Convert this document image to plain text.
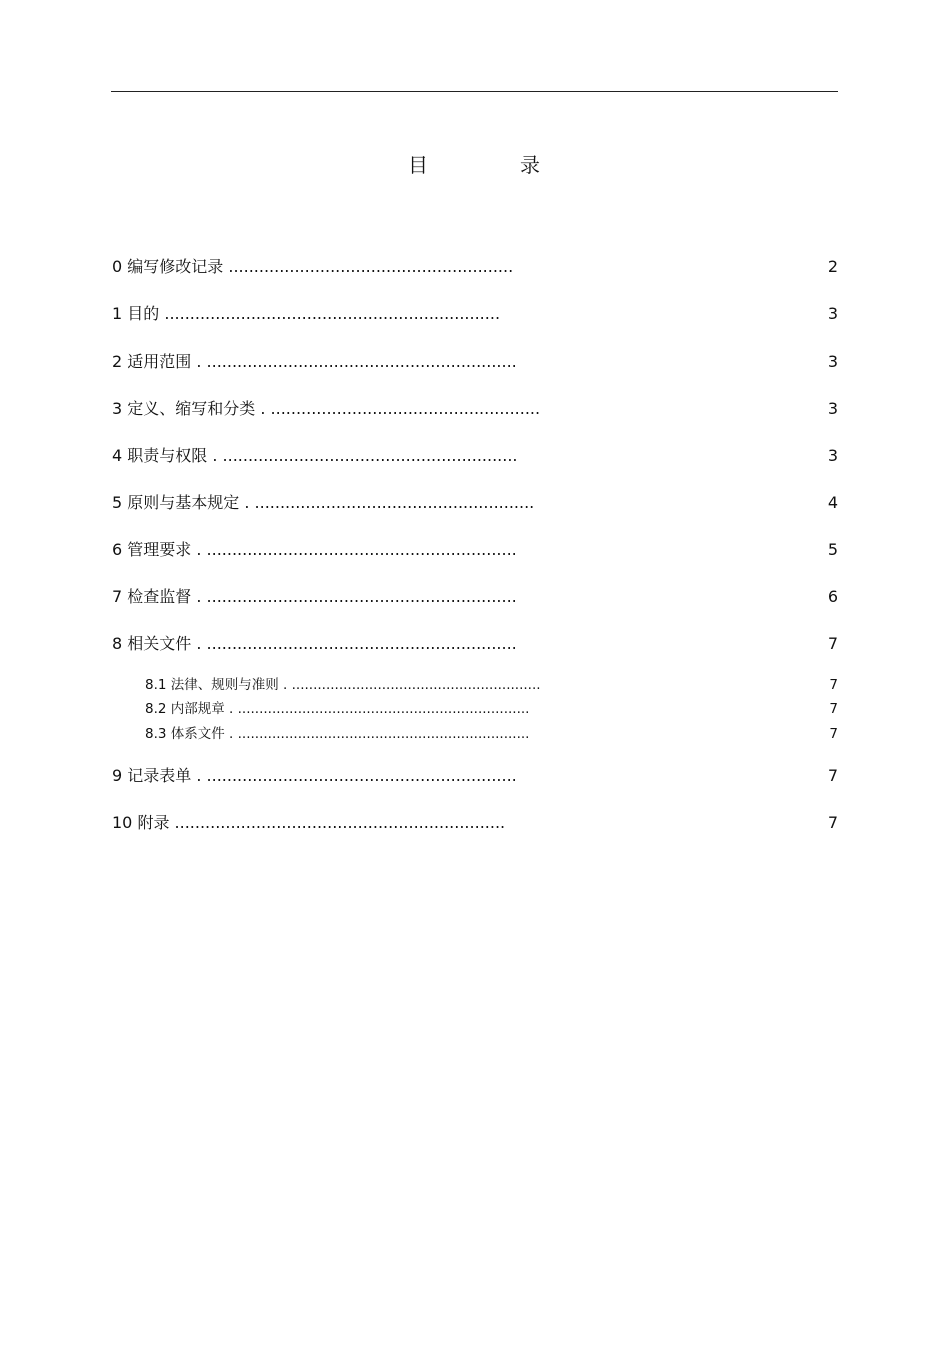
目	录
0 编写修改记录 ........................................................	2
1 目的 ..................................................................	3
2 适用范围 . .............................................................	3
3 定义、缩写和分类 . .....................................................	3
4 职责与权限 . ..........................................................	3
5 原则与基本规定 . .......................................................	4
6 管理要求 . .............................................................	5
7 检查监督 . .............................................................	6
8 相关文件 . .............................................................	7
8.1 法律、规则与准则 . ..........................................................	7
8.2 内部规章 . ....................................................................	7
8.3 体系文件 . ....................................................................	7
9 记录表单 . .............................................................	7
10 附录 .................................................................	7
